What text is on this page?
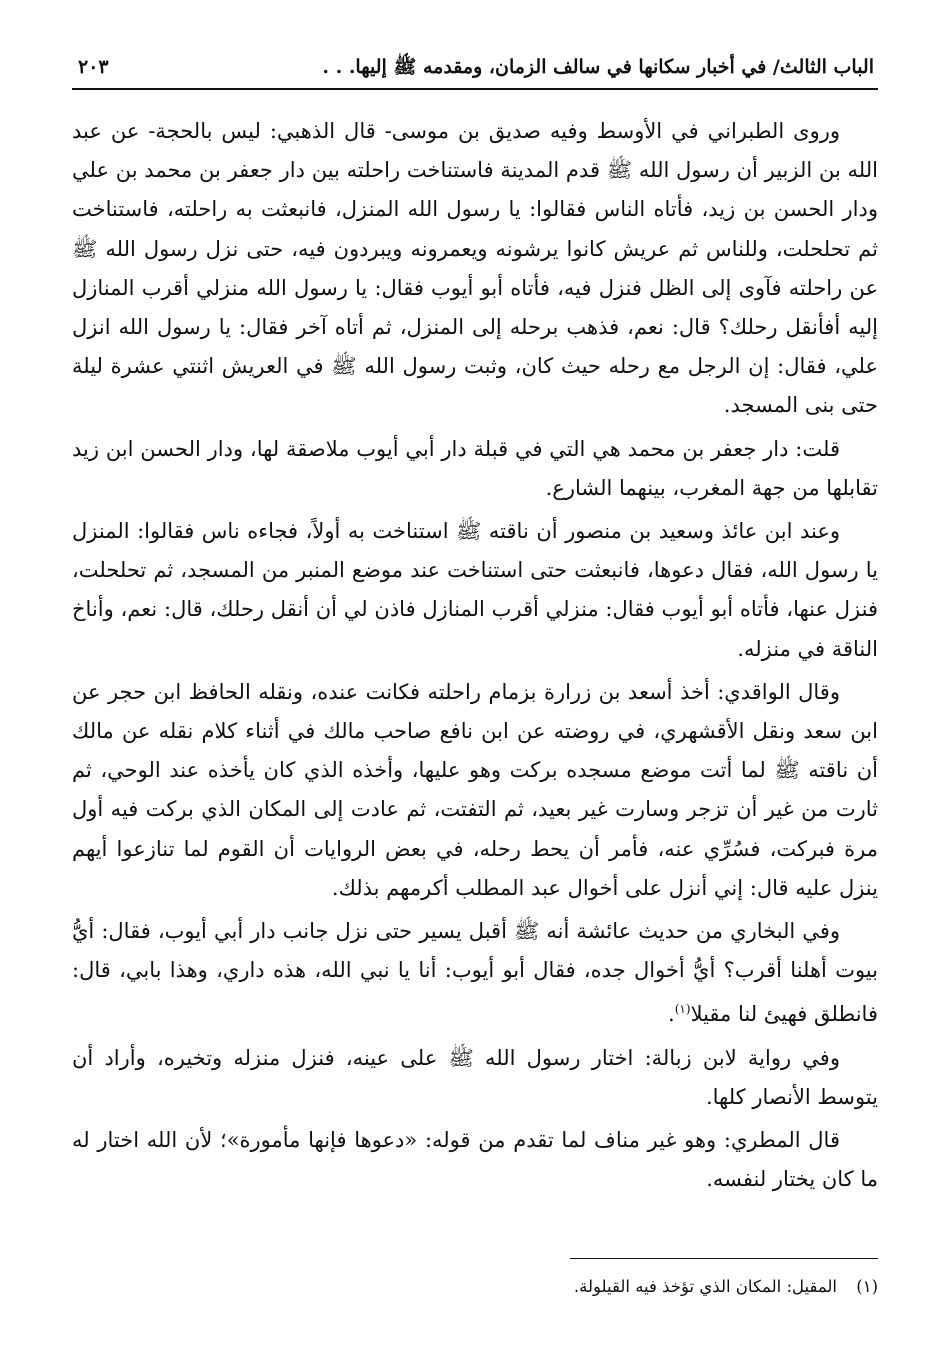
الباب الثالث/ في أخبار سكانها في سالف الزمان، ومقدمه ﷺ إليها. . .
٢٠٣

وروى الطبراني في الأوسط وفيه صديق بن موسى- قال الذهبي: ليس بالحجة- عن عبد الله بن الزبير أن رسول الله ﷺ قدم المدينة فاستناخت راحلته بين دار جعفر بن محمد بن علي ودار الحسن بن زيد، فأتاه الناس فقالوا: يا رسول الله المنزل، فانبعثت به راحلته، فاستناخت ثم تحلحلت، وللناس ثم عريش كانوا يرشونه ويعمرونه ويبردون فيه، حتى نزل رسول الله ﷺ عن راحلته فآوى إلى الظل فنزل فيه، فأتاه أبو أيوب فقال: يا رسول الله منزلي أقرب المنازل إليه أفأنقل رحلك؟ قال: نعم، فذهب برحله إلى المنزل، ثم أتاه آخر فقال: يا رسول الله انزل علي، فقال: إن الرجل مع رحله حيث كان، وثبت رسول الله ﷺ في العريش اثنتي عشرة ليلة حتى بنى المسجد.

قلت: دار جعفر بن محمد هي التي في قبلة دار أبي أيوب ملاصقة لها، ودار الحسن ابن زيد تقابلها من جهة المغرب، بينهما الشارع.

وعند ابن عائذ وسعيد بن منصور أن ناقته ﷺ استناخت به أولاً، فجاءه ناس فقالوا: المنزل يا رسول الله، فقال دعوها، فانبعثت حتى استناخت عند موضع المنبر من المسجد، ثم تحلحلت، فنزل عنها، فأتاه أبو أيوب فقال: منزلي أقرب المنازل فاذن لي أن أنقل رحلك، قال: نعم، وأناخ الناقة في منزله.

وقال الواقدي: أخذ أسعد بن زرارة بزمام راحلته فكانت عنده، ونقله الحافظ ابن حجر عن ابن سعد ونقل الأقشهري، في روضته عن ابن نافع صاحب مالك في أثناء كلام نقله عن مالك أن ناقته ﷺ لما أتت موضع مسجده بركت وهو عليها، وأخذه الذي كان يأخذه عند الوحي، ثم ثارت من غير أن تزجر وسارت غير بعيد، ثم التفتت، ثم عادت إلى المكان الذي بركت فيه أول مرة فبركت، فسُرِّي عنه، فأمر أن يحط رحله، في بعض الروايات أن القوم لما تنازعوا أيهم ينزل عليه قال: إني أنزل على أخوال عبد المطلب أكرمهم بذلك.

وفي البخاري من حديث عائشة أنه ﷺ أقبل يسير حتى نزل جانب دار أبي أيوب، فقال: أيُّ بيوت أهلنا أقرب؟ أيُّ أخوال جده، فقال أبو أيوب: أنا يا نبي الله، هذه داري، وهذا بابي، قال: فانطلق فهيئ لنا مقيلا$^{(١)}$.

وفي رواية لابن زبالة: اختار رسول الله ﷺ على عينه، فنزل منزله وتخيره، وأراد أن يتوسط الأنصار كلها.

قال المطري: وهو غير مناف لما تقدم من قوله: «دعوها فإنها مأمورة»؛ لأن الله اختار له ما كان يختار لنفسه.

(١) المقيل: المكان الذي تؤخذ فيه القيلولة.
